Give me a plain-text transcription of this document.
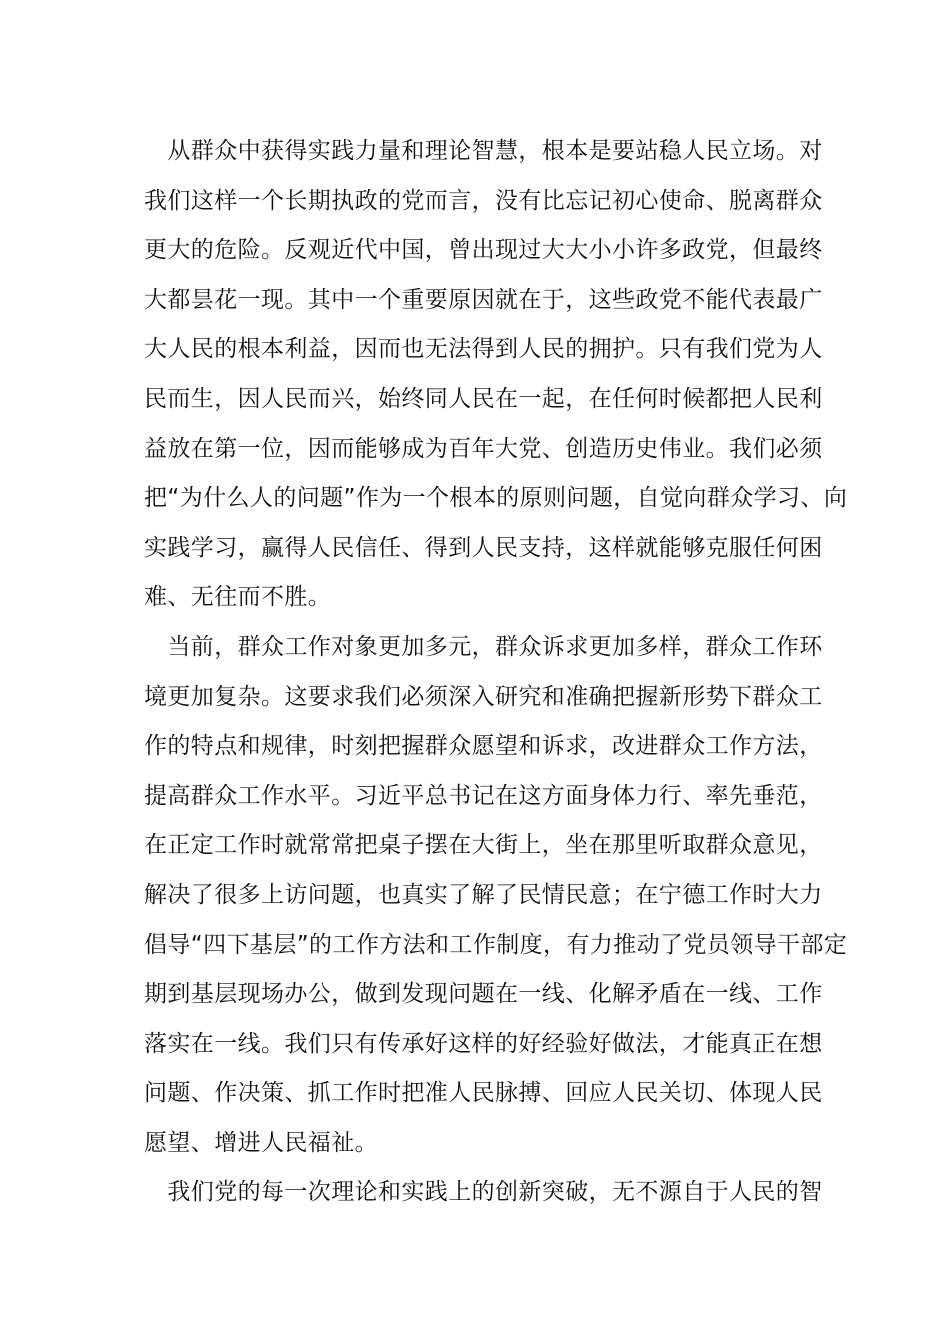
　从群众中获得实践力量和理论智慧，根本是要站稳人民立场。对

我们这样一个长期执政的党而言，没有比忘记初心使命、脱离群众

更大的危险。反观近代中国，曾出现过大大小小许多政党，但最终

大都昙花一现。其中一个重要原因就在于，这些政党不能代表最广

大人民的根本利益，因而也无法得到人民的拥护。只有我们党为人

民而生，因人民而兴，始终同人民在一起，在任何时候都把人民利

益放在第一位，因而能够成为百年大党、创造历史伟业。我们必须

把“为什么人的问题”作为一个根本的原则问题，自觉向群众学习、向

实践学习，赢得人民信任、得到人民支持，这样就能够克服任何困

难、无往而不胜。

　当前，群众工作对象更加多元，群众诉求更加多样，群众工作环

境更加复杂。这要求我们必须深入研究和准确把握新形势下群众工

作的特点和规律，时刻把握群众愿望和诉求，改进群众工作方法，

提高群众工作水平。习近平总书记在这方面身体力行、率先垂范，

在正定工作时就常常把桌子摆在大街上，坐在那里听取群众意见，

解决了很多上访问题，也真实了解了民情民意；在宁德工作时大力

倡导“四下基层”的工作方法和工作制度，有力推动了党员领导干部定

期到基层现场办公，做到发现问题在一线、化解矛盾在一线、工作

落实在一线。我们只有传承好这样的好经验好做法，才能真正在想

问题、作决策、抓工作时把准人民脉搏、回应人民关切、体现人民

愿望、增进人民福祉。

　我们党的每一次理论和实践上的创新突破，无不源自于人民的智
